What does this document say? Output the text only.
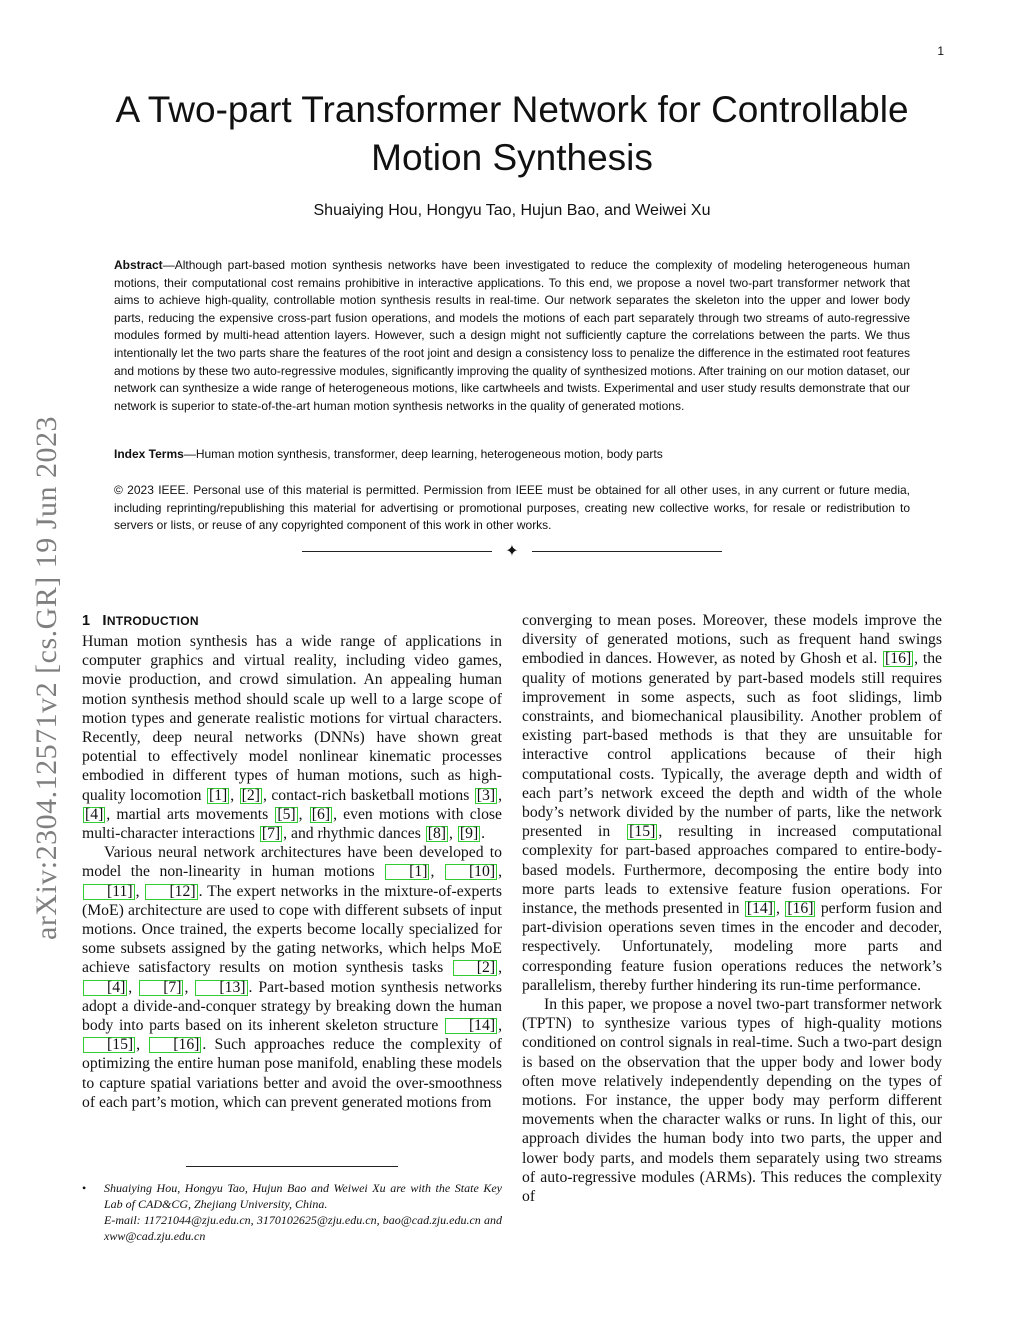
1
arXiv:2304.12571v2 [cs.GR] 19 Jun 2023
A Two-part Transformer Network for Controllable
Motion Synthesis
Shuaiying Hou, Hongyu Tao, Hujun Bao, and Weiwei Xu

Abstract—Although part-based motion synthesis networks have been investigated to reduce the complexity of modeling heterogeneous human motions, their computational cost remains prohibitive in interactive applications. To this end, we propose a novel two-part transformer network that aims to achieve high-quality, controllable motion synthesis results in real-time. Our network separates the skeleton into the upper and lower body parts, reducing the expensive cross-part fusion operations, and models the motions of each part separately through two streams of auto-regressive modules formed by multi-head attention layers. However, such a design might not sufficiently capture the correlations between the parts. We thus intentionally let the two parts share the features of the root joint and design a consistency loss to penalize the difference in the estimated root features and motions by these two auto-regressive modules, significantly improving the quality of synthesized motions. After training on our motion dataset, our network can synthesize a wide range of heterogeneous motions, like cartwheels and twists. Experimental and user study results demonstrate that our network is superior to state-of-the-art human motion synthesis networks in the quality of generated motions.

Index Terms—Human motion synthesis, transformer, deep learning, heterogeneous motion, body parts

© 2023 IEEE. Personal use of this material is permitted. Permission from IEEE must be obtained for all other uses, in any current or future media, including reprinting/republishing this material for advertising or promotional purposes, creating new collective works, for resale or redistribution to servers or lists, or reuse of any copyrighted component of this work in other works.

✦
1 INTRODUCTION

Human motion synthesis has a wide range of applications in computer graphics and virtual reality, including video games, movie production, and crowd simulation. An appealing human motion synthesis method should scale up well to a large scope of motion types and generate realistic motions for virtual characters. Recently, deep neural networks (DNNs) have shown great potential to effectively model nonlinear kinematic processes embodied in different types of human motions, such as high-quality locomotion [1] , [2] , contact-rich basketball motions [3] , [4] , martial arts movements [5] , [6] , even motions with close multi-character interactions [7] , and rhythmic dances [8] , [9] .

Various neural network architectures have been developed to model the non-linearity in human motions [1] , [10] , [11] , [12] . The expert networks in the mixture-of-experts (MoE) architecture are used to cope with different subsets of input motions. Once trained, the experts become locally specialized for some subsets assigned by the gating networks, which helps MoE achieve satisfactory results on motion synthesis tasks [2] , [4] , [7] , [13] . Part-based motion synthesis networks adopt a divide-and-conquer strategy by breaking down the human body into parts based on its inherent skeleton structure [14] , [15] , [16] . Such approaches reduce the complexity of optimizing the entire human pose manifold, enabling these models to capture spatial variations better and avoid the over-smoothness of each part’s motion, which can prevent generated motions from

converging to mean poses. Moreover, these models improve the diversity of generated motions, such as frequent hand swings embodied in dances. However, as noted by Ghosh et al. [16] , the quality of motions generated by part-based models still requires improvement in some aspects, such as foot slidings, limb constraints, and biomechanical plausibility. Another problem of existing part-based methods is that they are unsuitable for interactive control applications because of their high computational costs. Typically, the average depth and width of each part’s network exceed the depth and width of the whole body’s network divided by the number of parts, like the network presented in [15] , resulting in increased computational complexity for part-based approaches compared to entire-body-based models. Furthermore, decomposing the entire body into more parts leads to extensive feature fusion operations. For instance, the methods presented in [14] , [16] perform fusion and part-division operations seven times in the encoder and decoder, respectively. Unfortunately, modeling more parts and corresponding feature fusion operations reduces the network’s parallelism, thereby further hindering its run-time performance.

In this paper, we propose a novel two-part transformer network (TPTN) to synthesize various types of high-quality motions conditioned on control signals in real-time. Such a two-part design is based on the observation that the upper body and lower body often move relatively independently depending on the types of motions. For instance, the upper body may perform different movements when the character walks or runs. In light of this, our approach divides the human body into two parts, the upper and lower body parts, and models them separately using two streams of auto-regressive modules (ARMs). This reduces the complexity of

• Shuaiying Hou, Hongyu Tao, Hujun Bao and Weiwei Xu are with the State Key Lab of CAD&CG, Zhejiang University, China.
E-mail: 11721044@zju.edu.cn, 3170102625@zju.edu.cn, bao@cad.zju.edu.cn and xww@cad.zju.edu.cn
